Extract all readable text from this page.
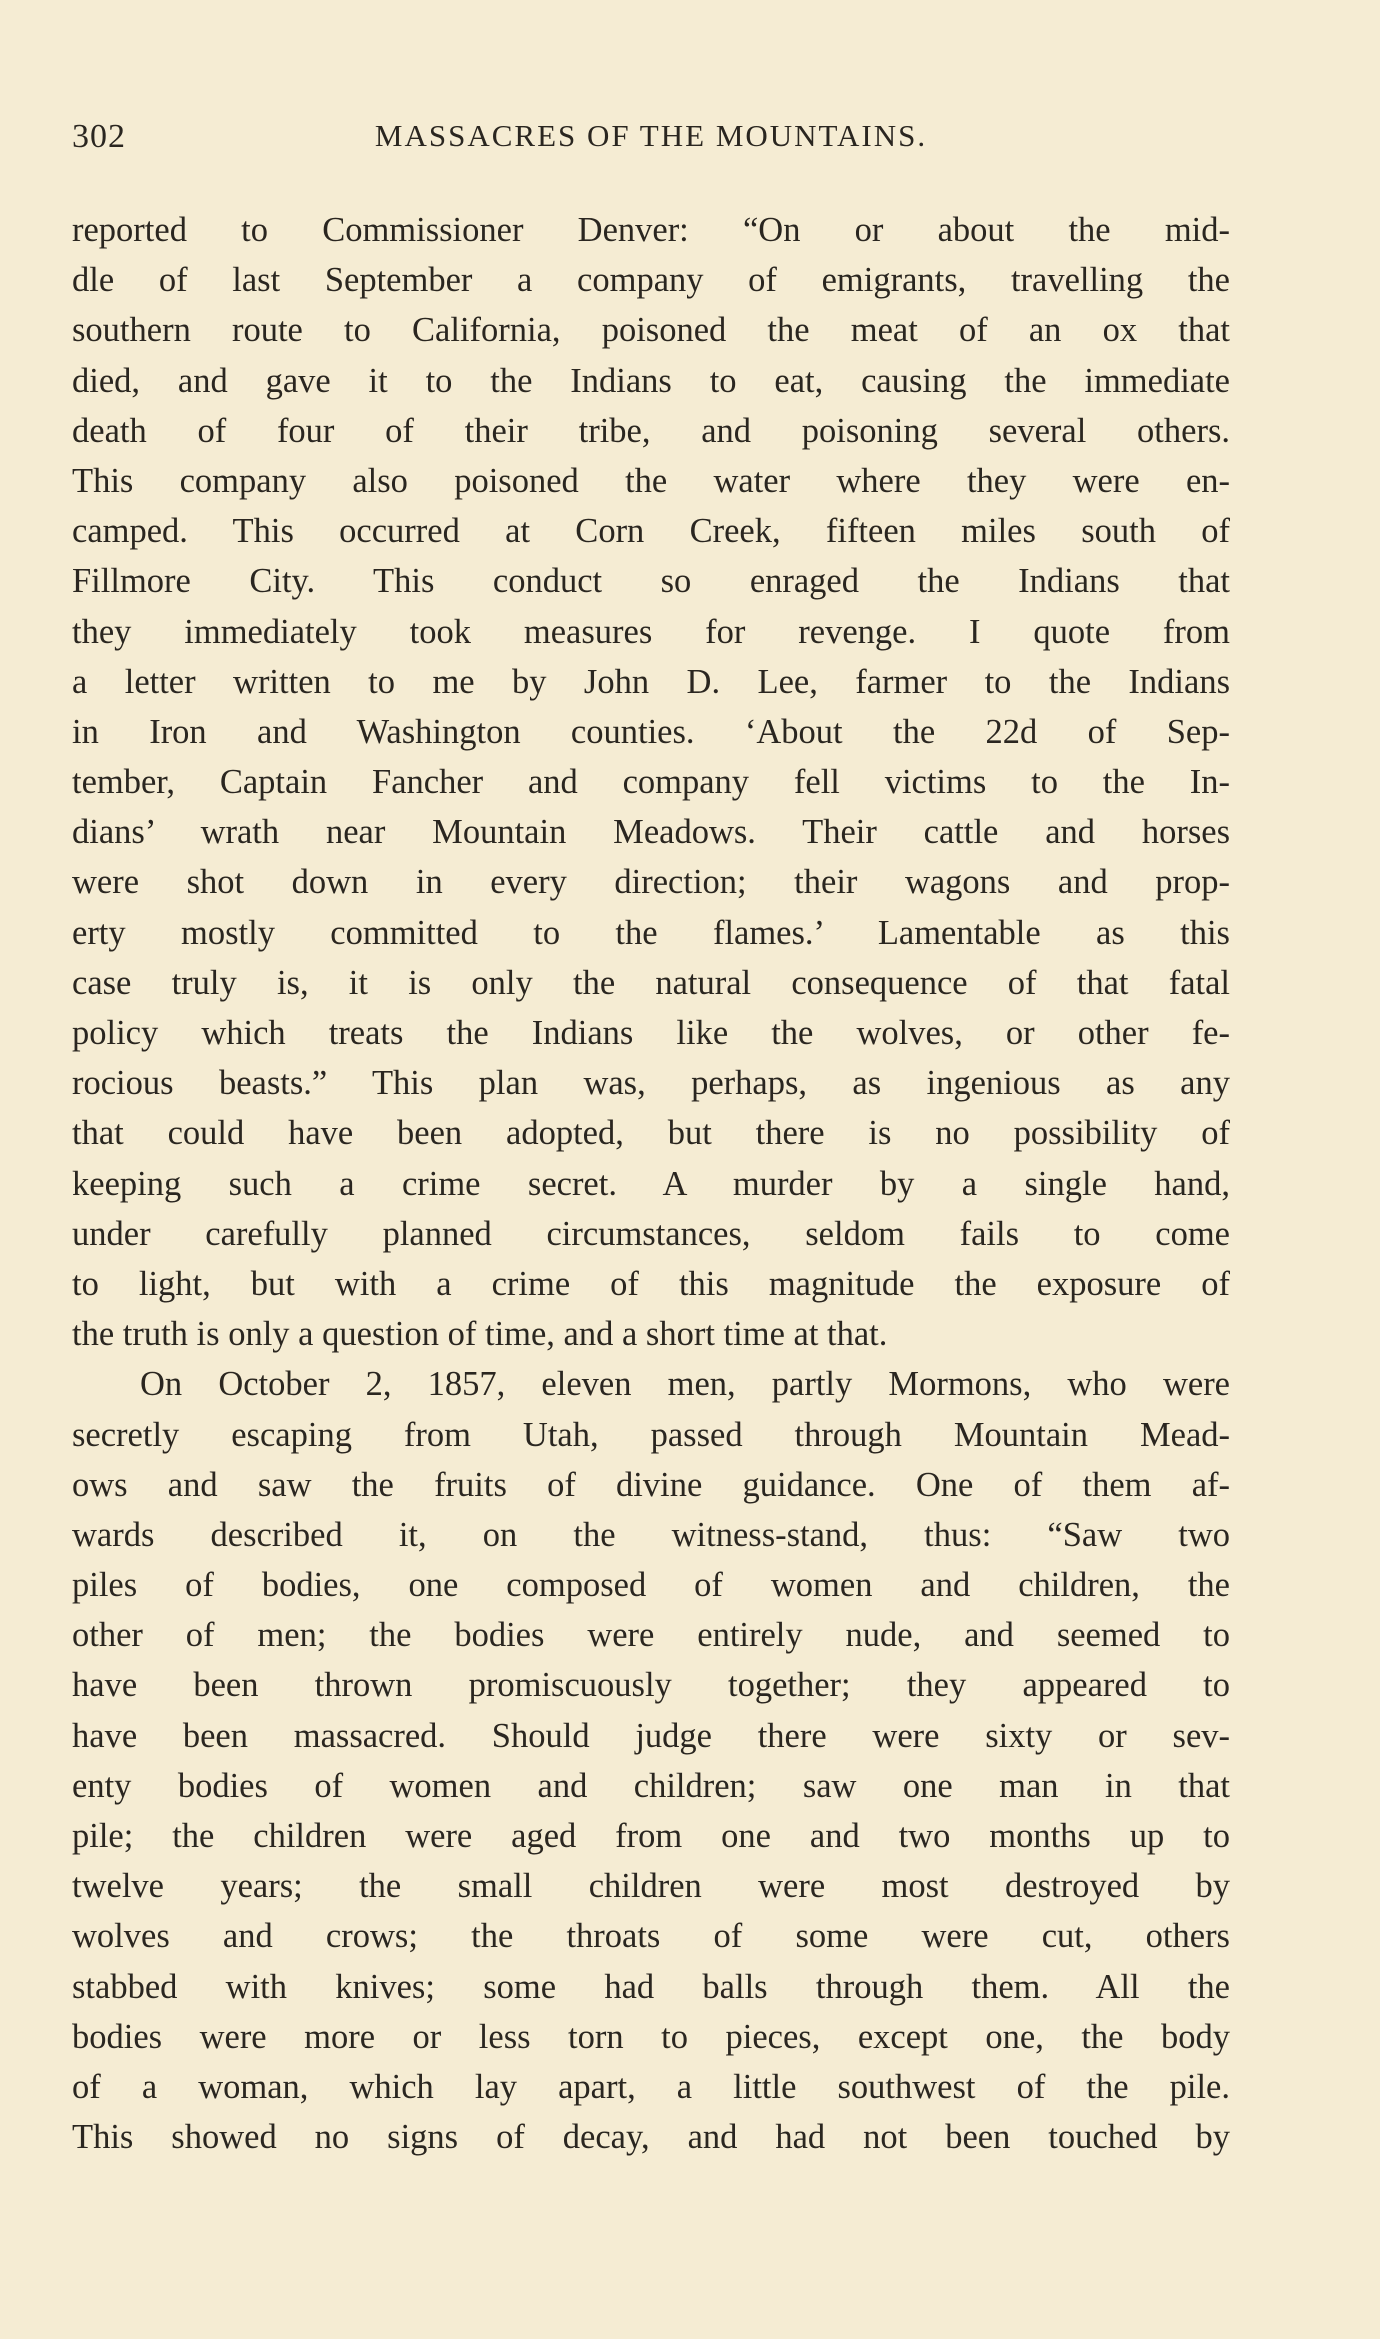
302	MASSACRES OF THE MOUNTAINS.
reported to Commissioner Denver: “On or about the mid-
dle of last September a company of emigrants, travelling the
southern route to California, poisoned the meat of an ox that
died, and gave it to the Indians to eat, causing the immediate
death of four of their tribe, and poisoning several others.
This company also poisoned the water where they were en-
camped. This occurred at Corn Creek, fifteen miles south of
Fillmore City. This conduct so enraged the Indians that
they immediately took measures for revenge. I quote from
a letter written to me by John D. Lee, farmer to the Indians
in Iron and Washington counties. ‘About the 22d of Sep-
tember, Captain Fancher and company fell victims to the In-
dians’ wrath near Mountain Meadows. Their cattle and horses
were shot down in every direction; their wagons and prop-
erty mostly committed to the flames.’ Lamentable as this
case truly is, it is only the natural consequence of that fatal
policy which treats the Indians like the wolves, or other fe-
rocious beasts.” This plan was, perhaps, as ingenious as any
that could have been adopted, but there is no possibility of
keeping such a crime secret. A murder by a single hand,
under carefully planned circumstances, seldom fails to come
to light, but with a crime of this magnitude the exposure of
the truth is only a question of time, and a short time at that.
On October 2, 1857, eleven men, partly Mormons, who were
secretly escaping from Utah, passed through Mountain Mead-
ows and saw the fruits of divine guidance. One of them af-
wards described it, on the witness-stand, thus: “Saw two
piles of bodies, one composed of women and children, the
other of men; the bodies were entirely nude, and seemed to
have been thrown promiscuously together; they appeared to
have been massacred. Should judge there were sixty or sev-
enty bodies of women and children; saw one man in that
pile; the children were aged from one and two months up to
twelve years; the small children were most destroyed by
wolves and crows; the throats of some were cut, others
stabbed with knives; some had balls through them. All the
bodies were more or less torn to pieces, except one, the body
of a woman, which lay apart, a little southwest of the pile.
This showed no signs of decay, and had not been touched by
